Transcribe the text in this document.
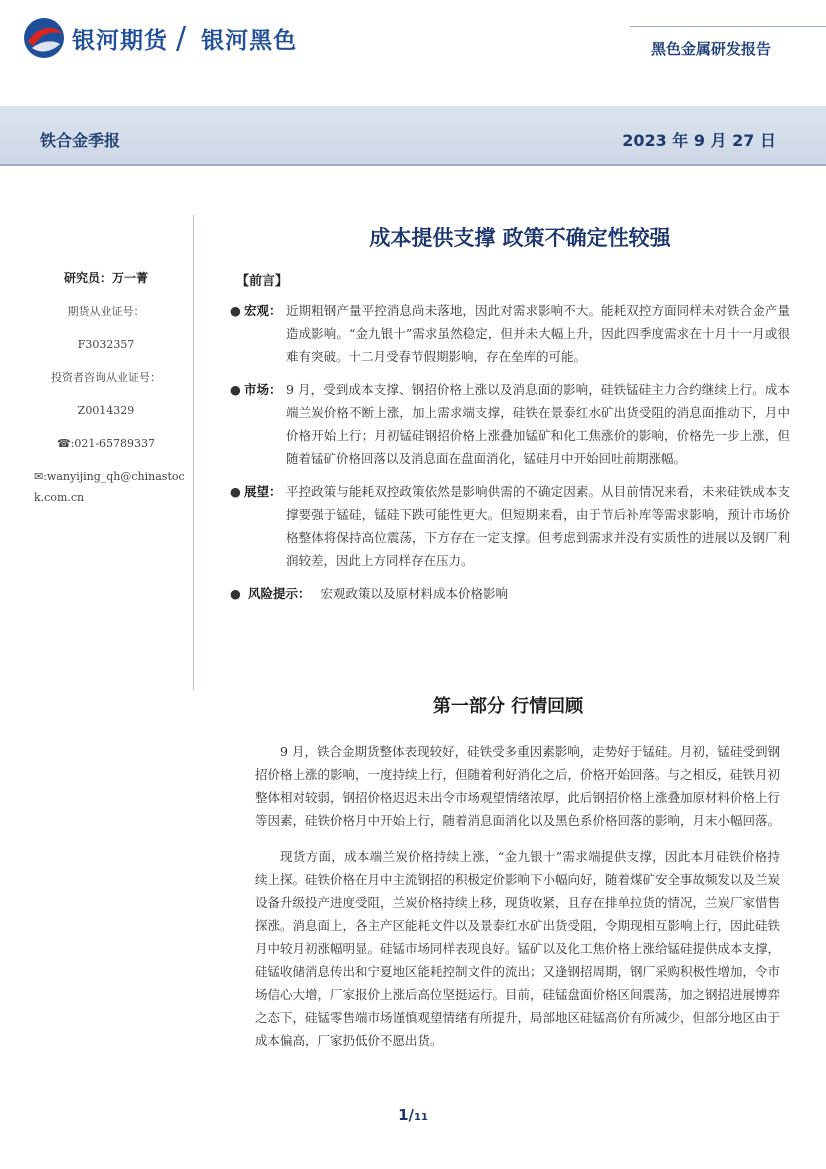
银河期货 / 银河黑色	黑色金属研发报告
铁合金季报	2023 年 9 月 27 日
研究员：万一菁
期货从业证号：
F3032357
投资者咨询从业证号：
Z0014329
☎:021-65789337
✉:wanyijing_qh@chinastock.com.cn
成本提供支撑 政策不确定性较强
【前言】
● 宏观： 近期粗钢产量平控消息尚未落地，因此对需求影响不大。能耗双控方面同样未对铁合金产量造成影响。“金九银十”需求虽然稳定，但并未大幅上升，因此四季度需求在十月十一月或很难有突破。十二月受春节假期影响，存在垒库的可能。
● 市场： 9 月，受到成本支撑、钢招价格上涨以及消息面的影响，硅铁锰硅主力合约继续上行。成本端兰炭价格不断上涨，加上需求端支撑，硅铁在景泰红水矿出货受阻的消息面推动下，月中价格开始上行；月初锰硅钢招价格上涨叠加锰矿和化工焦涨价的影响，价格先一步上涨，但随着锰矿价格回落以及消息面在盘面消化，锰硅月中开始回吐前期涨幅。
● 展望： 平控政策与能耗双控政策依然是影响供需的不确定因素。从目前情况来看，未来硅铁成本支撑要强于锰硅，锰硅下跌可能性更大。但短期来看，由于节后补库等需求影响，预计市场价格整体将保持高位震荡，下方存在一定支撑。但考虑到需求并没有实质性的进展以及钢厂利润较差，因此上方同样存在压力。
● 风险提示： 宏观政策以及原材料成本价格影响
第一部分 行情回顾

9 月，铁合金期货整体表现较好，硅铁受多重因素影响，走势好于锰硅。月初，锰硅受到钢招价格上涨的影响，一度持续上行，但随着利好消化之后，价格开始回落。与之相反，硅铁月初整体相对较弱，钢招价格迟迟未出令市场观望情绪浓厚，此后钢招价格上涨叠加原材料价格上行等因素，硅铁价格月中开始上行，随着消息面消化以及黑色系价格回落的影响，月末小幅回落。

现货方面，成本端兰炭价格持续上涨，“金九银十”需求端提供支撑，因此本月硅铁价格持续上探。硅铁价格在月中主流钢招的积极定价影响下小幅向好，随着煤矿安全事故频发以及兰炭设备升级投产进度受阻，兰炭价格持续上移，现货收紧，且存在排单拉货的情况，兰炭厂家惜售探涨。消息面上，各主产区能耗文件以及景泰红水矿出货受阻，令期现相互影响上行，因此硅铁月中较月初涨幅明显。硅锰市场同样表现良好。锰矿以及化工焦价格上涨给锰硅提供成本支撑，硅锰收储消息传出和宁夏地区能耗控制文件的流出；又逢钢招周期，钢厂采购积极性增加，令市场信心大增，厂家报价上涨后高位坚挺运行。目前，硅锰盘面价格区间震荡，加之钢招进展博弈之态下，硅锰零售端市场谨慎观望情绪有所提升，局部地区硅锰高价有所减少，但部分地区由于成本偏高，厂家扔低价不愿出货。

1/11
